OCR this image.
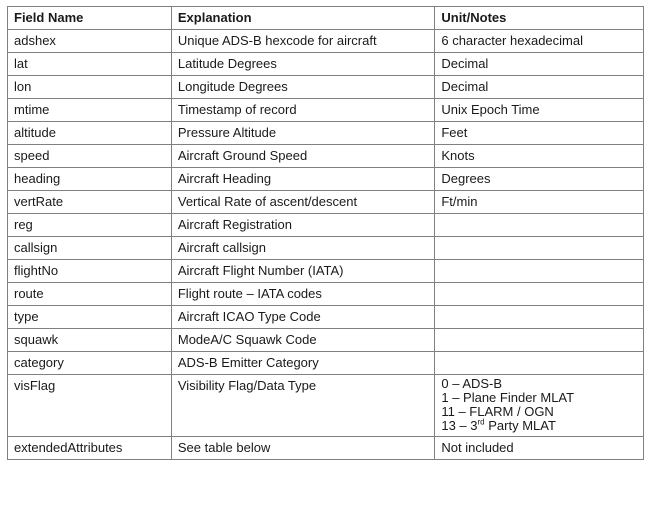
Field Name	Explanation	Unit/Notes
adshex	Unique ADS-B hexcode for aircraft	6 character hexadecimal
lat	Latitude Degrees	Decimal
lon	Longitude Degrees	Decimal
mtime	Timestamp of record	Unix Epoch Time
altitude	Pressure Altitude	Feet
speed	Aircraft Ground Speed	Knots
heading	Aircraft Heading	Degrees
vertRate	Vertical Rate of ascent/descent	Ft/min
reg	Aircraft Registration	
callsign	Aircraft callsign	
flightNo	Aircraft Flight Number (IATA)	
route	Flight route – IATA codes	
type	Aircraft ICAO Type Code	
squawk	ModeA/C Squawk Code	
category	ADS-B Emitter Category	
visFlag	Visibility Flag/Data Type	0 – ADS-B
1 – Plane Finder MLAT
11 – FLARM / OGN
13 – 3rd Party MLAT

extendedAttributes	See table below	Not included
